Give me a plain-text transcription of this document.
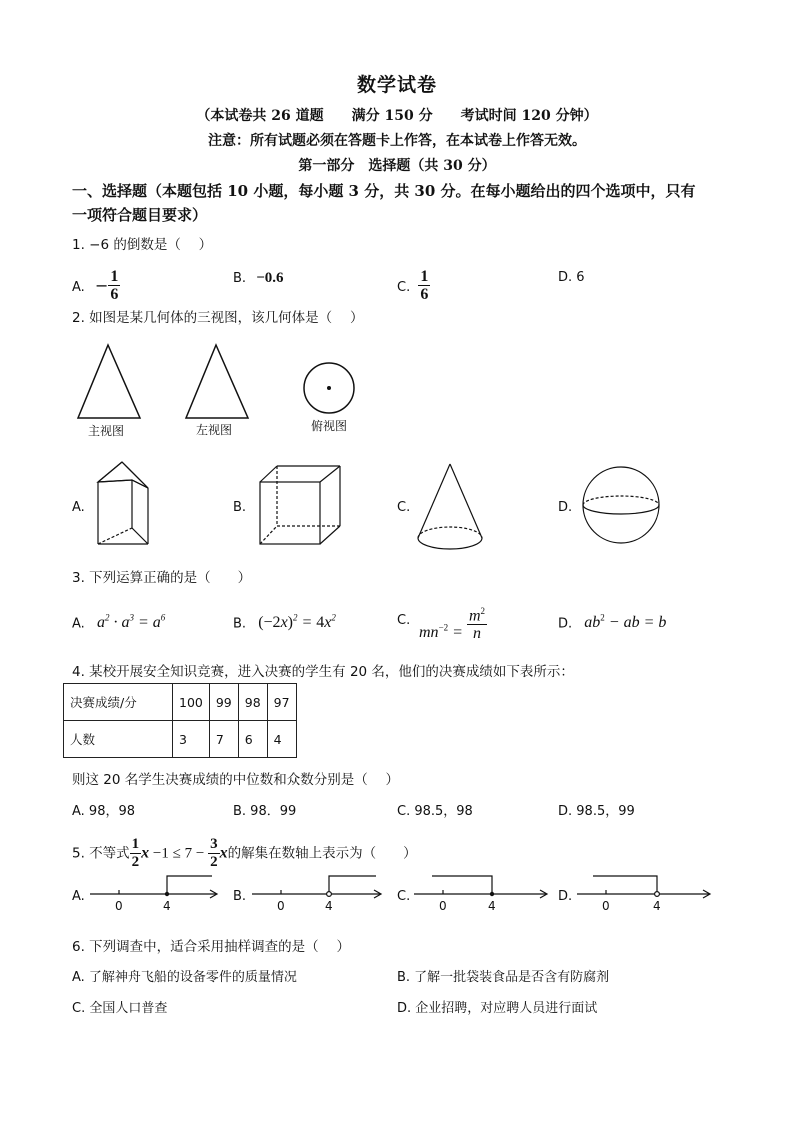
数学试卷
（本试卷共 26 道题　　满分 150 分　　考试时间 120 分钟）
注意：所有试题必须在答题卡上作答，在本试卷上作答无效。
第一部分　选择题（共 30 分）
一、选择题（本题包括 10 小题，每小题 3 分，共 30 分。在每小题给出的四个选项中，只有
一项符合题目要求）
1. −6 的倒数是（　 ）
A. − $\frac{1}{6}$	B. −0.6
C. $\frac{1}{6}$	D. 6
2. 如图是某几何体的三视图，该几何体是（　 ）
主视图	左视图	俯视图
A.	B.	C.	D.
3. 下列运算正确的是（　　）
A. $a^2 \cdot a^3 = a^6$	B. $(-2x)^2 = 4x^2$	C.
$mn^{-2} = \frac{m^2}{n}$	D. $ab^2$ − ab = b
4. 某校开展安全知识竞赛，进入决赛的学生有 20 名，他们的决赛成绩如下表所示：
决赛成绩/分	100	99	98	97
人数	3	7	6	4
则这 20 名学生决赛成绩的中位数和众数分别是（　 ）
A. 98，98	B. 98．99	C. 98.5，98	D. 98.5，99
5. 不等式 $\frac{1}{2}$ $x -1 \le 7 - \frac{3}{2}$ x的解集在数轴上表示为（　　）
A.	B.	C.	D.
0	4	0	4	0	4	0	4
6. 下列调查中，适合采用抽样调查的是（　 ）
A. 了解神舟飞船的设备零件的质量情况	B. 了解一批袋装食品是否含有防腐剂
C. 全国人口普查	D. 企业招聘，对应聘人员进行面试
